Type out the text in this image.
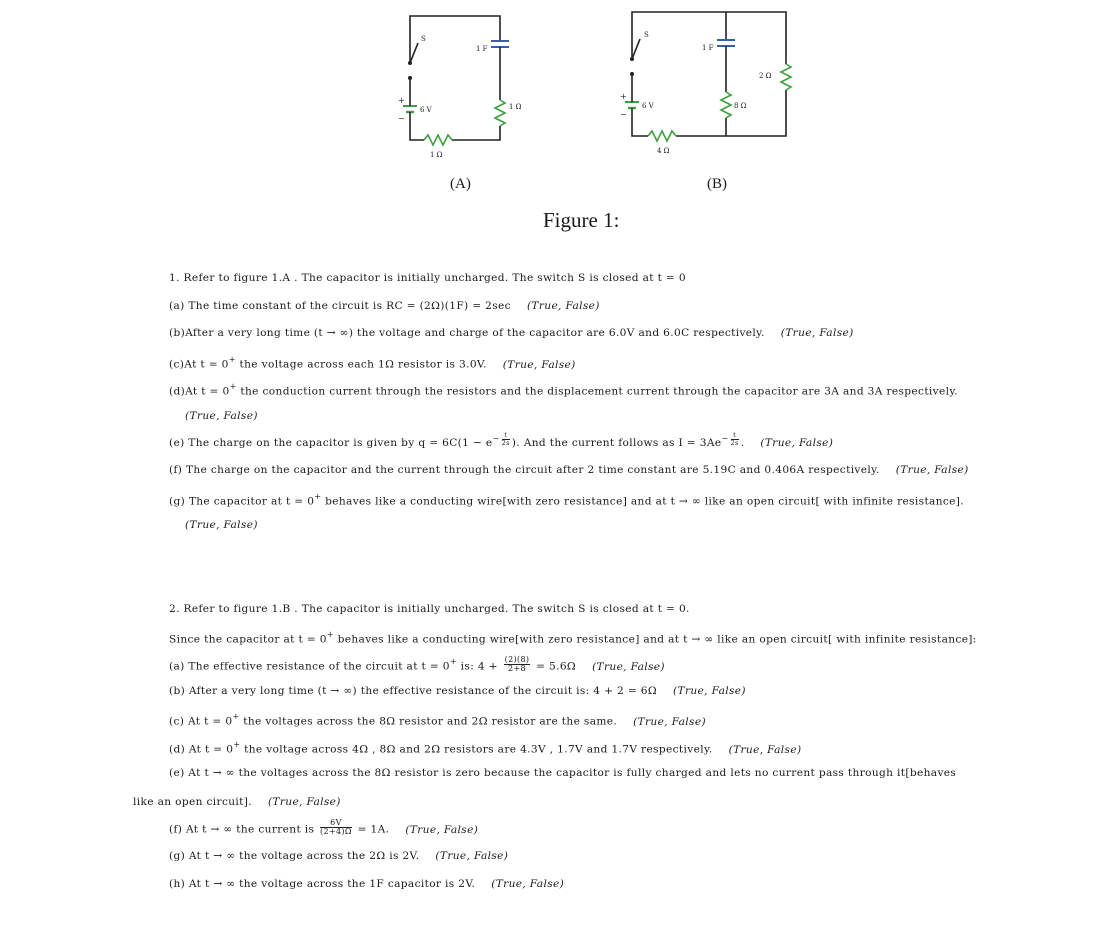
S
1 F
+
−
6 V	1 Ω
1 Ω
(A)
S
1 F
+
−
6 V	8 Ω
2 Ω
4 Ω
(B)
Figure 1:
1. Refer to figure 1.A . The capacitor is initially uncharged. The switch S is closed at t = 0
(a) The time constant of the circuit is RC = (2Ω)(1F) = 2sec (True, False)
(b)After a very long time (t → ∞) the voltage and charge of the capacitor are 6.0V and 6.0C respectively. (True, False)
(c)At t = 0+ the voltage across each 1Ω resistor is 3.0V. (True, False)
(d)At t = 0+ the conduction current through the resistors and the displacement current through the capacitor are 3A and 3A respectively.
(True, False)
(e) The charge on the capacitor is given by $q = 6C(1 - e^{- \frac{t}{2s}}$ ). And the current follows as $I = 3Ae^{- \frac{t}{2s}}$ . (True, False)
(f) The charge on the capacitor and the current through the circuit after 2 time constant are 5.19C and 0.406A respectively. (True, False)
(g) The capacitor at t = 0+ behaves like a conducting wire[with zero resistance] and at t → ∞ like an open circuit[ with infinite resistance].
(True, False)
2. Refer to figure 1.B . The capacitor is initially uncharged. The switch S is closed at t = 0.
Since the capacitor at t = 0+ behaves like a conducting wire[with zero resistance] and at t → ∞ like an open circuit[ with infinite resistance]:
(a) The effective resistance of the circuit at t = 0+ is: $4 + \frac{(2)(8)}{2+8} = 5.6\Omega$ (True, False)
(b) After a very long time (t → ∞) the effective resistance of the circuit is: 4 + 2 = 6Ω (True, False)
(c) At t = 0+ the voltages across the 8Ω resistor and 2Ω resistor are the same. (True, False)
(d) At t = 0+ the voltage across 4Ω , 8Ω and 2Ω resistors are 4.3V , 1.7V and 1.7V respectively. (True, False)
(e) At t → ∞ the voltages across the 8Ω resistor is zero because the capacitor is fully charged and lets no current pass through it[behaves
like an open circuit]. (True, False)
(f) At t → ∞ the current is $\frac{6V}{(2+4)\Omega} = 1A$. (True, False)
(g) At t → ∞ the voltage across the 2Ω is 2V. (True, False)
(h) At t → ∞ the voltage across the 1F capacitor is 2V. (True, False)
